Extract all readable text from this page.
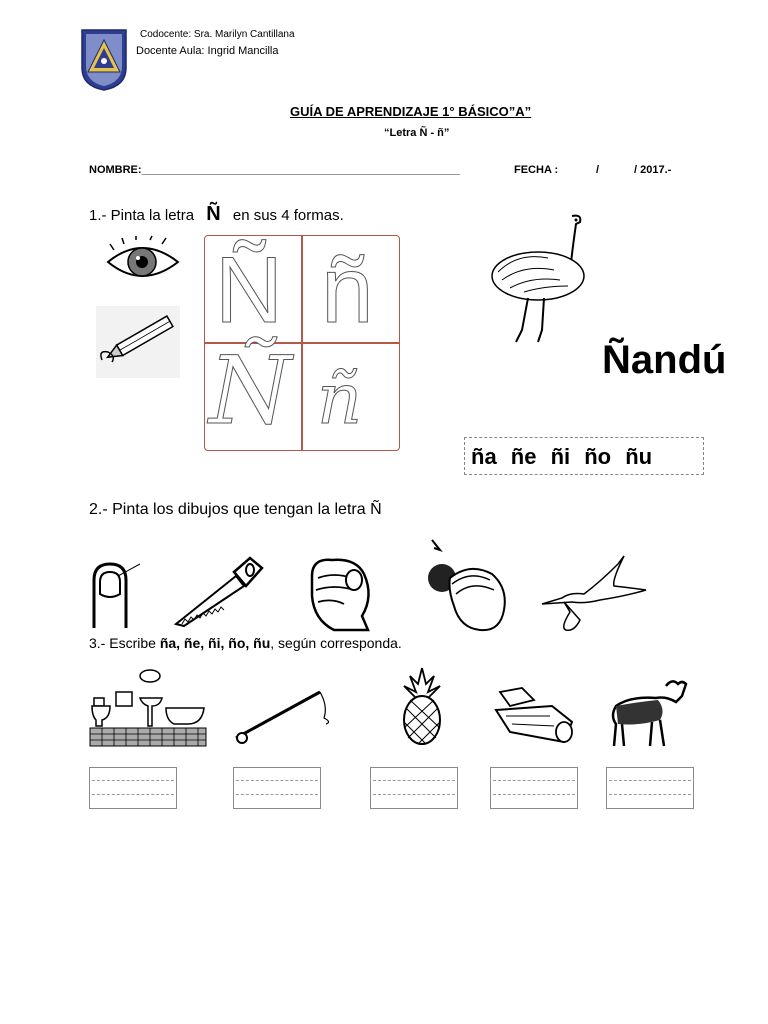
Codocente: Sra. Marilyn Cantillana
Docente Aula: Ingrid Mancilla
GUÍA DE APRENDIZAJE 1° BÁSICO”A”
“Letra Ñ - ñ”
NOMBRE:____________________________________________________	FECHA :	/	/ 2017.-
1.- Pinta la letra Ñ en sus 4 formas.
Ñ ñ
Ñ ñ	Ñandú
ña ñe ñi ño ñu
2.- Pinta los dibujos que tengan la letra Ñ
3.- Escribe ña, ñe, ñi, ño, ñu, según corresponda.
